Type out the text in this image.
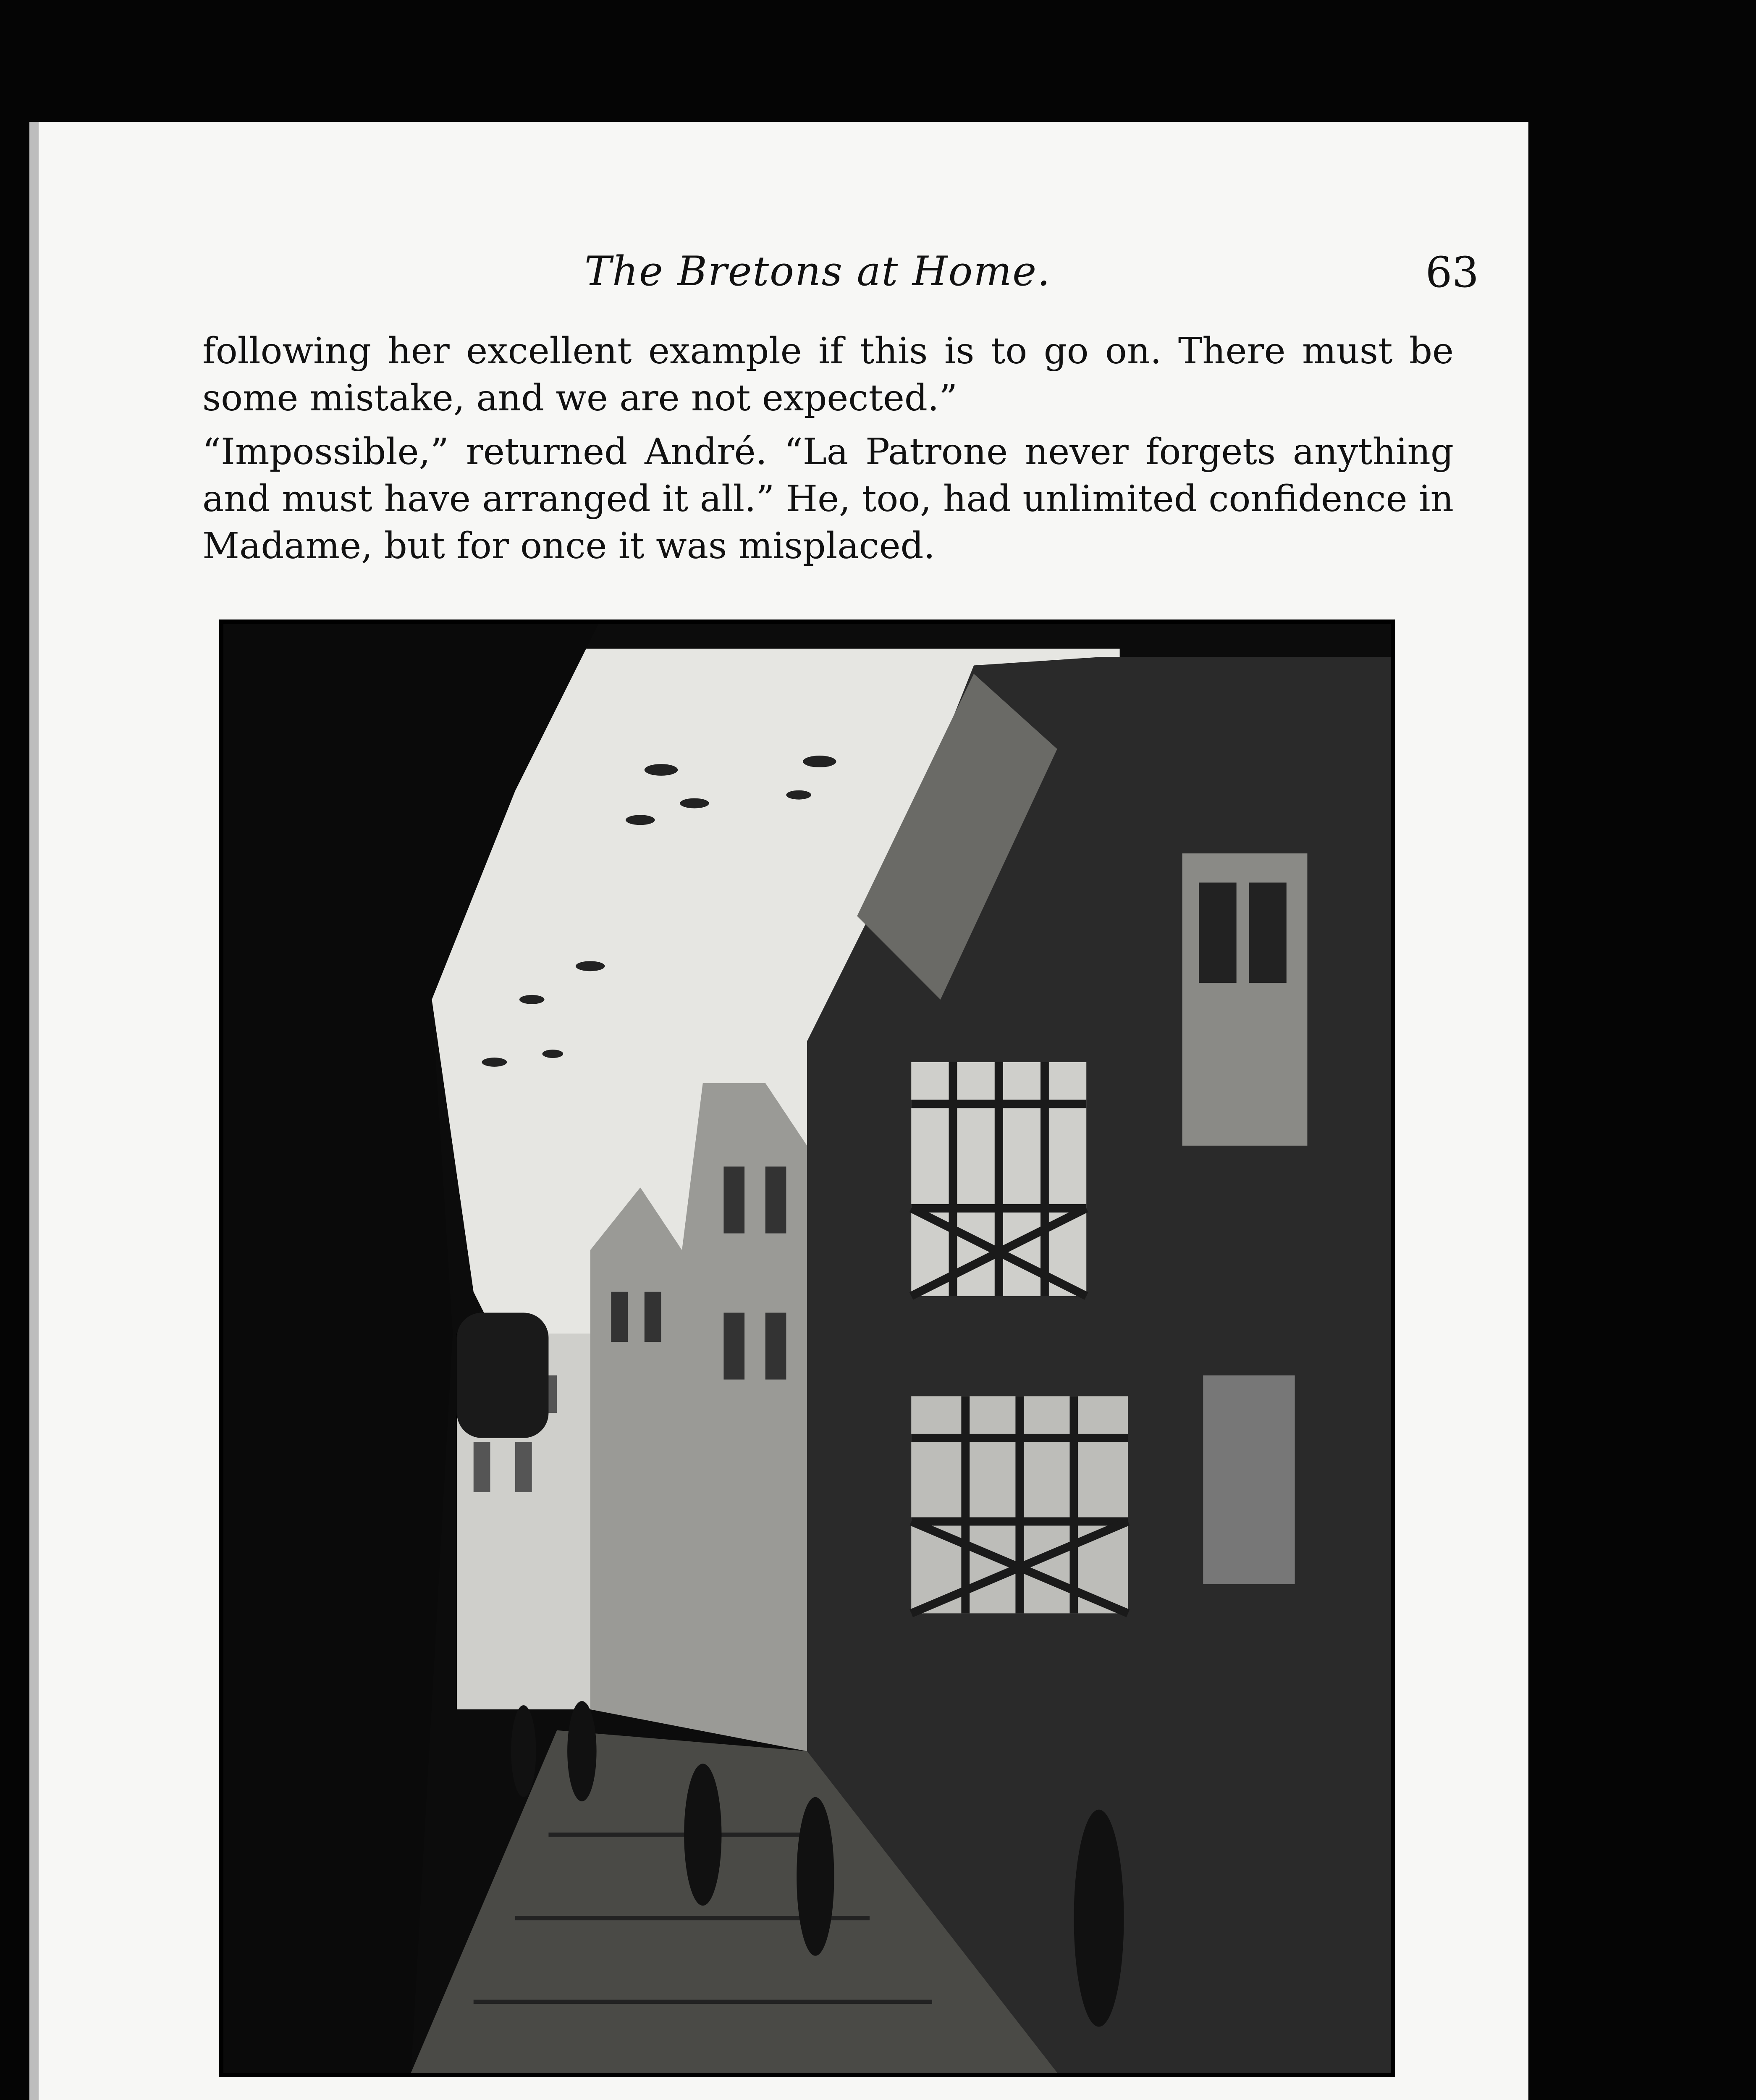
The Bretons at Home.	63

following her excellent example if this is to go on. There must be some mistake, and we are not expected.”

“Impossible,” returned André. “La Patrone never forgets anything and must have arranged it all.” He, too, had unlimited confidence in Madame, but for once it was misplaced.
